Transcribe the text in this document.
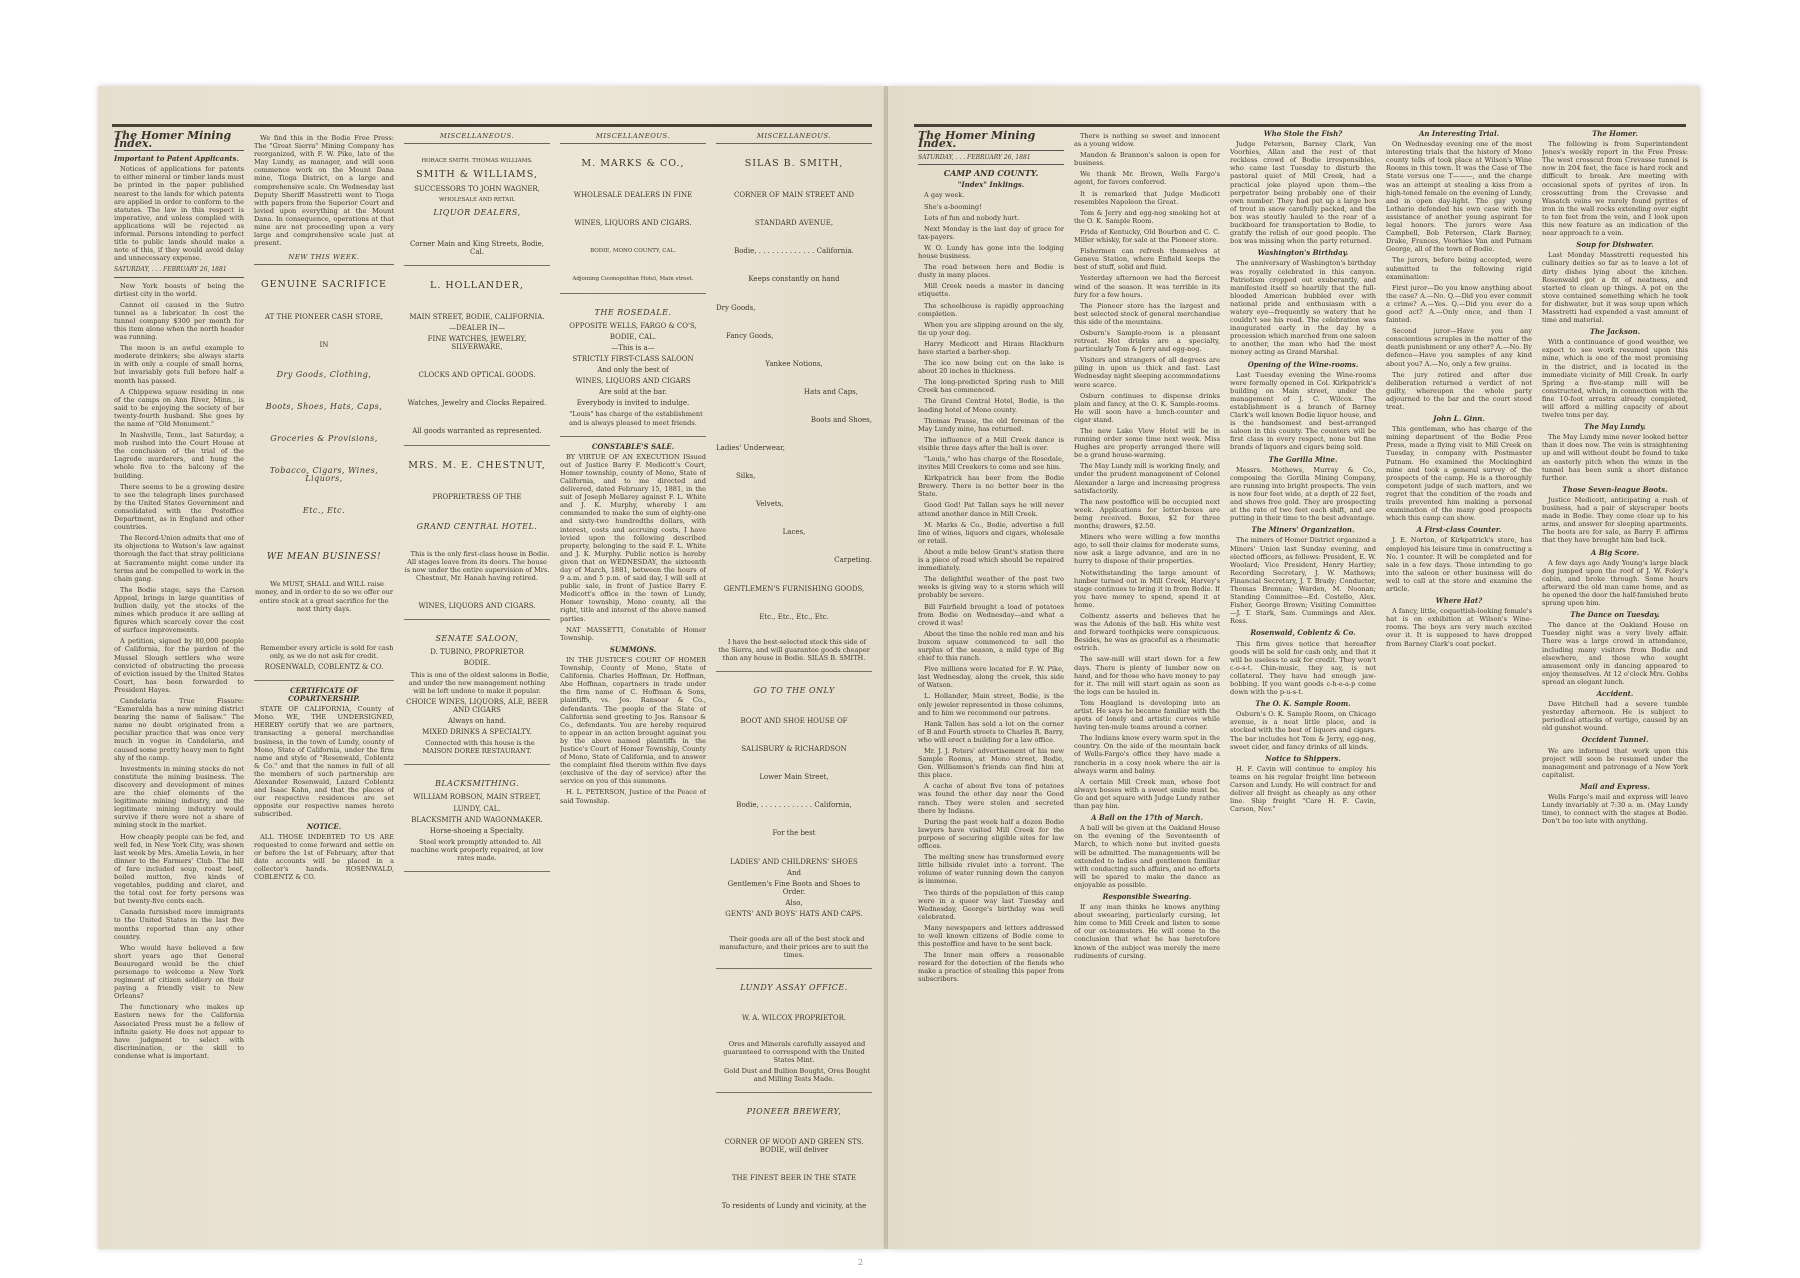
The Homer Mining Index.
Important to Patent Applicants.

Notices of applications for patents to either mineral or timber lands must be printed in the paper published nearest to the lands for which patents are applied in order to conform to the statutes. The law in this respect is imperative, and unless complied with applications will be rejected as informal. Persons intending to perfect title to public lands should make a note of this, if they would avoid delay and unnecessary expense.

SATURDAY, . . . FEBRUARY 26, 1881

New York boasts of being the dirtiest city in the world.

Cannot oil caused in the Sutro tunnel as a lubricator. In cost the tunnel company $300 per month for this item alone when the north header was running.

The moon is an awful example to moderate drinkers; she always starts in with only a couple of small horns, but invariably gets full before half a month has passed.

A Chippewa squaw residing in one of the camps on Ann River, Minn., is said to be enjoying the society of her twenty-fourth husband. She goes by the name of "Old Monument."

In Nashville, Tenn., last Saturday, a mob rushed into the Court House at the conclusion of the trial of the Lagrode murderers, and hung the whole five to the balcony of the building.

There seems to be a growing desire to see the telegraph lines purchased by the United States Government and consolidated with the Postoffice Department, as in England and other countries.

The Record-Union admits that one of its objections to Watson's law against thorough the fact that stray politicians at Sacramento might come under its terms and be compelled to work in the chain gang.

The Bodie stage, says the Carson Appeal, brings in large quantities of bullion daily, yet the stocks of the mines which produce it are selling at figures which scarcely cover the cost of surface improvements.

A petition, signed by 80,000 people of California, for the pardon of the Mussel Slough settlers who were convicted of obstructing the process of eviction issued by the United States Court, has been forwarded to President Hayes.

Candelaria True Fissure: "Esmeralda has a new mining district bearing the name of Salisaw." The name no doubt originated from a peculiar practice that was once very much in vogue in Candelaria, and caused some pretty heavy men to fight shy of the camp.

Investments in mining stocks do not constitute the mining business. The discovery and development of mines are the chief elements of the legitimate mining industry, and the legitimate mining industry would survive if there were not a share of mining stock in the market.

How cheaply people can be fed, and well fed, in New York City, was shown last week by Mrs. Amelia Lewis, in her dinner to the Farmers' Club. The bill of fare included soup, roast beef, boiled mutton, five kinds of vegetables, pudding and claret, and the total cost for forty persons was but twenty-five cents each.

Canada furnished more immigrants to the United States in the last five months reported than any other country.

Who would have believed a few short years ago that General Beauregard would be the chief personage to welcome a New York regiment of citizen soldiery on their paying a friendly visit to New Orleans?

The functionary who makes up Eastern news for the California Associated Press must be a fellow of infinite gaiety. He does not appear to have judgment to select with discrimination, or the skill to condense what is important.

We find this in the Bodie Free Press: The "Great Sierra" Mining Company has reorganized, with F. W. Pike, late of the May Lundy, as manager, and will soon commence work on the Mount Dana mine, Tioga District, on a large and comprehensive scale. On Wednesday last Deputy Sheriff Masstretti went to Tioga with papers from the Superior Court and levied upon everything at the Mount Dana. In consequence, operations at that mine are not proceeding upon a very large and comprehensive scale just at present.

NEW THIS WEEK.
GENUINE SACRIFICE
AT THE PIONEER CASH STORE,
IN
Dry Goods, Clothing,
Boots, Shoes, Hats, Caps,
Groceries & Provisions,
Tobacco, Cigars, Wines, Liquors,
Etc., Etc.
WE MEAN BUSINESS!

We MUST, SHALL and WILL raise money, and in order to do so we offer our entire stock at a great sacrifice for the next thirty days.

Remember every article is sold for cash only, as we do not ask for credit.

ROSENWALD, COBLENTZ & CO.
CERTIFICATE OF COPARTNERSHIP.

STATE OF CALIFORNIA, County of Mono. WE, THE UNDERSIGNED, HEREBY certify that we are partners, transacting a general merchandise business, in the town of Lundy, county of Mono, State of California, under the firm name and style of "Rosenwald, Coblentz & Co." and that the names in full of all the members of such partnership are Alexander Rosenwald, Lazard Coblentz and Isaac Kahn, and that the places of our respective residences are set opposite our respective names hereto subscribed.

NOTICE.

ALL THOSE INDEBTED TO US ARE requested to come forward and settle on or before the 1st of February, after that date accounts will be placed in a collector's hands. ROSENWALD, COBLENTZ & CO.

MISCELLANEOUS.
HORACE SMITH. THOMAS WILLIAMS.
SMITH & WILLIAMS,
SUCCESSORS TO JOHN WAGNER,
WHOLESALE AND RETAIL
LIQUOR DEALERS,
Corner Main and King Streets, Bodie, Cal.
L. HOLLANDER,
MAIN STREET, BODIE, CALIFORNIA.
—DEALER IN—
FINE WATCHES, JEWELRY, SILVERWARE,
CLOCKS AND OPTICAL GOODS.
Watches, Jewelry and Clocks Repaired.
All goods warranted as represented.
MRS. M. E. CHESTNUT,
PROPRIETRESS OF THE
GRAND CENTRAL HOTEL.

This is the only first-class house in Bodie. All stages leave from its doors. The house is now under the entire supervision of Mrs. Chestnut, Mr. Hanah having retired.

WINES, LIQUORS AND CIGARS.
SENATE SALOON,
D. TUBINO, PROPRIETOR
BODIE.

This is one of the oldest saloons in Bodie, and under the new management nothing will be left undone to make it popular.

CHOICE WINES, LIQUORS, ALE, BEER AND CIGARS
Always on hand.
MIXED DRINKS A SPECIALTY.

Connected with this house is the MAISON DOREE RESTAURANT.

BLACKSMITHING.
WILLIAM ROBSON, MAIN STREET,
LUNDY, CAL.
BLACKSMITH AND WAGONMAKER.
Horse-shoeing a Specialty.

Steel work promptly attended to. All machine work properly repaired, at low rates made.

MISCELLANEOUS.
M. MARKS & CO.,
WHOLESALE DEALERS IN FINE
WINES, LIQUORS AND CIGARS.
BODIE, MONO COUNTY, CAL.
Adjoining Cosmopolitan Hotel, Main street.
THE ROSEDALE.
OPPOSITE WELLS, FARGO & CO'S,
BODIE, CAL.
—This is a—
STRICTLY FIRST-CLASS SALOON
And only the best of
WINES, LIQUORS AND CIGARS
Are sold at the bar.
Everybody is invited to indulge.

"Louis" has charge of the establishment and is always pleased to meet friends.

CONSTABLE'S SALE.

BY VIRTUE OF AN EXECUTION ISsued out of Justice Barry F. Medicott's Court, Homer township, county of Mono, State of California, and to me directed and delivered, dated February 15, 1881, in the suit of Joseph Mellarey against F. L. White and J. K. Murphy, whereby I am commanded to make the sum of eighty-one and sixty-two hundredths dollars, with interest, costs and accruing costs, I have levied upon the following described property, belonging to the said F. L. White and J. K. Murphy. Public notice is hereby given that on WEDNESDAY, the sixteenth day of March, 1881, between the hours of 9 a.m. and 5 p.m. of said day, I will sell at public sale, in front of Justice Barry F. Medicott's office in the town of Lundy, Homer township, Mono county, all the right, title and interest of the above named parties.

NAT MASSETTI, Constable of Homer Township.

SUMMONS.

IN THE JUSTICE'S COURT OF HOMER Township, County of Mono, State of California. Charles Hoffman, Dr. Hoffman, Abe Hoffman, copartners in trade under the firm name of C. Hoffman & Sons, plaintiffs, vs. Jos. Ransoar & Co., defendants. The people of the State of California send greeting to Jos. Ransoar & Co., defendants. You are hereby required to appear in an action brought against you by the above named plaintiffs in the Justice's Court of Homer Township, County of Mono, State of California, and to answer the complaint filed therein within five days (exclusive of the day of service) after the service on you of this summons.

H. L. PETERSON, Justice of the Peace of said Township.

MISCELLANEOUS.
SILAS B. SMITH,
CORNER OF MAIN STREET AND
STANDARD AVENUE,
Bodie, . . . . . . . . . . . . . California.
Keeps constantly on hand
Dry Goods,
Fancy Goods,
Yankee Notions,
Hats and Caps,
Boots and Shoes,
Ladies' Underwear,
Silks,
Velvets,
Laces,
Carpeting.
GENTLEMEN'S FURNISHING GOODS,
Etc., Etc., Etc., Etc.

I have the best-selected stock this side of the Sierra, and will guarantee goods cheaper than any house in Bodie. SILAS B. SMITH.

GO TO THE ONLY
BOOT AND SHOE HOUSE OF
SALISBURY & RICHARDSON
Lower Main Street,
Bodie, . . . . . . . . . . . . California,
For the best
LADIES' AND CHILDRENS' SHOES
And
Gentlemen's Fine Boots and Shoes to Order.
Also,
GENTS' AND BOYS' HATS AND CAPS.

Their goods are all of the best stock and manufacture, and their prices are to suit the times.

LUNDY ASSAY OFFICE.
W. A. WILCOX PROPRIETOR.

Ores and Minerals carefully assayed and guaranteed to correspond with the United States Mint.

Gold Dust and Bullion Bought, Ores Bought and Milling Tests Made.

PIONEER BREWERY,
CORNER OF WOOD AND GREEN STS. BODIE, will deliver
THE FINEST BEER IN THE STATE
To residents of Lundy and vicinity, at the

The Homer Mining Index.
SATURDAY, . . . FEBRUARY 26, 1881
CAMP AND COUNTY.
"Index" Inklings.

A gay week.

She's a-booming!

Lots of fun and nobody hurt.

Next Monday is the last day of grace for tax-payers.

W. O. Lundy has gone into the lodging house business.

The road between here and Bodie is dusty in many places.

Mill Creek needs a master in dancing etiquette.

The schoolhouse is rapidly approaching completion.

When you are slipping around on the sly, tie up your dog.

Harry Medicott and Hiram Blackburn have started a barber-shop.

The ice now being cut on the lake is about 20 inches in thickness.

The long-predicted Spring rush to Mill Creek has commenced.

The Grand Central Hotel, Bodie, is the leading hotel of Mono county.

Thomas Prasse, the old foreman of the May Lundy mine, has returned.

The influence of a Mill Creek dance is visible three days after the ball is over.

"Louis," who has charge of the Rosedale, invites Mill Creekers to come and see him.

Kirkpatrick has beer from the Bodie Brewery. There is no better beer in the State.

Good God! Pat Tallan says he will never attend another dance in Mill Creek.

M. Marks & Co., Bodie, advertise a full line of wines, liquors and cigars, wholesale or retail.

About a mile below Grant's station there is a piece of road which should be repaired immediately.

The delightful weather of the past two weeks is giving way to a storm which will probably be severe.

Bill Fairfield brought a load of potatoes from Bodie on Wednesday—and what a crowd it was!

About the time the noble red man and his buxom squaw commenced to sell the surplus of the season, a mild type of Big chief to this ranch.

Five millions were located for F. W. Pike, last Wednesday, along the creek, this side of Watson.

L. Hollander, Main street, Bodie, is the only jeweler represented in these columns, and to him we recommend our patrons.

Hank Tallen has sold a lot on the corner of B and Fourth streets to Charles R. Barry, who will erect a building for a law office.

Mr. J. J. Peters' advertisement of his new Sample Rooms, at Mono street, Bodie, Gen. Williamson's friends can find him at this place.

A cache of about five tons of potatoes was found the other day near the Good ranch. They were stolen and secreted there by Indians.

During the past week half a dozen Bodie lawyers have visited Mill Creek for the purpose of securing eligible sites for law offices.

The melting snow has transformed every little hillside rivulet into a torrent. The volume of water running down the canyon is immense.

Two thirds of the population of this camp were in a queer way last Tuesday and Wednesday, George's birthday was well celebrated.

Many newspapers and letters addressed to well known citizens of Bodie come to this postoffice and have to be sent back.

The Inner man offers a reasonable reward for the detection of the fiends who make a practice of stealing this paper from subscribers.

There is nothing so sweet and innocent as a young widow.

Mandon & Brannon's saloon is open for business.

We thank Mr. Brown, Wells Fargo's agent, for favors conferred.

It is remarked that Judge Medicott resembles Napoleon the Great.

Tom & Jerry and egg-nog smoking hot at the O. K. Sample Room.

Frida of Kentucky, Old Bourbon and C. C. Miller whisky, for sale at the Pioneer store.

Fishermen can refresh themselves at Geneva Station, where Enfield keeps the best of stuff, solid and fluid.

Yesterday afternoon we had the fiercest wind of the season. It was terrible in its fury for a few hours.

The Pioneer store has the largest and best selected stock of general merchandise this side of the mountains.

Osburn's Sample-room is a pleasant retreat. Hot drinks are a specialty, particularly Tom & Jerry and egg-nog.

Visitors and strangers of all degrees are piling in upon us thick and fast. Last Wednesday night sleeping accommodations were scarce.

Osburn continues to dispense drinks plain and fancy, at the O. K. Sample-rooms. He will soon have a lunch-counter and cigar stand.

The new Lake View Hotel will be in running order some time next week. Miss Hughes are properly arranged there will be a grand house-warming.

The May Lundy mill is working finely, and under the prudent management of Colonel Alexander a large and increasing progress satisfactorily.

The new postoffice will be occupied next week. Applications for letter-boxes are being received. Boxes, $2 for three months; drawers, $2.50.

Miners who were willing a few months ago, to sell their claims for moderate sums, now ask a large advance, and are in no hurry to dispose of their properties.

Notwithstanding the large amount of lumber turned out in Mill Creek, Harvey's stage continues to bring it in from Bodie. If you have money to spend, spend it at home.

Colbentz asserts and believes that he was the Adonis of the ball. His white vest and forward toothpicks were conspicuous. Besides, he was as graceful as a rheumatic ostrich.

The saw-mill will start down for a few days. There is plenty of lumber now on hand, and for those who have money to pay for it. The mill will start again as soon as the logs can be hauled in.

Tom Hoagland is developing into an artist. He says he became familiar with the spots of lonely and artistic curves while having ten-mule teams around a corner.

The Indians know every warm spot in the country. On the side of the mountain back of Wells-Fargo's office they have made a rancheria in a cosy nook where the air is always warm and balmy.

A certain Mill Creek man, whose foot always bosses with a sweet smile must be. Go and get square with Judge Lundy rather than pay him.

A Ball on the 17th of March.

A ball will be given at the Oakland House on the evening of the Seventeenth of March, to which none but invited guests will be admitted. The managements will be extended to ladies and gentlemen familiar with conducting such affairs, and no efforts will be spared to make the dance as enjoyable as possible.

Responsible Swearing.

If any man thinks he knows anything about swearing, particularly cursing, let him come to Mill Creek and listen to some of our ox-teamsters. He will come to the conclusion that what he has heretofore known of the subject was merely the mere rudiments of cursing.

Who Stole the Fish?

Judge Peterson, Barney Clark, Van Voorhies, Allan and the rest of that reckless crowd of Bodie irresponsibles, who came last Tuesday to disturb the pastoral quiet of Mill Creek, had a practical joke played upon them—the perpetrator being probably one of their own number. They had put up a large box of trout in snow carefully packed, and the box was stoutly hauled to the rear of a buckboard for transportation to Bodie, to gratify the relish of our good people. The box was missing when the party returned.

Washington's Birthday.

The anniversary of Washington's birthday was royally celebrated in this canyon. Patriotism cropped out exuberantly, and manifested itself so heartily that the full-blooded American bubbled over with national pride and enthusiasm with a watery eye—frequently so watery that he couldn't see his road. The celebration was inaugurated early in the day by a procession which marched from one saloon to another, the man who had the most money acting as Grand Marshal.

Opening of the Wine-rooms.

Last Tuesday evening the Wine-rooms were formally opened in Col. Kirkpatrick's building on Main street, under the management of J. C. Wilcox. The establishment is a branch of Barney Clark's well known Bodie liquor house, and is the handsomest and best-arranged saloon in this county. The counters will be first class in every respect, none but fine brands of liquors and cigars being sold.

The Gorilla Mine.

Messrs. Mothews, Murray & Co., composing the Gorilla Mining Company, are running into bright prospects. The vein is now four feet wide, at a depth of 22 feet, and shows free gold. They are prospecting at the rate of two feet each shift, and are putting in their time to the best advantage.

The Miners' Organization.

The miners of Homer District organized a Miners' Union last Sunday evening, and elected officers, as follows: President, E. W. Woolard; Vice President, Henry Hartley; Recording Secretary, J. W. Mathews; Financial Secretary, J. T. Brady; Conductor, Thomas Brennan; Warden, M. Noonan; Standing Committee—Ed. Costello, Alex. Fisher, George Brown; Visiting Committee—J. T. Stark, Sam. Cummings and Alex. Ross.

Rosenwald, Coblentz & Co.

This firm gives notice that hereafter goods will be sold for cash only, and that it will be useless to ask for credit. They won't c-o-s-t. Chin-music, they say, is not collateral. They have had enough jaw-bobbing. If you want goods c-h-e-a-p come down with the p-u-s-t.

The O. K. Sample Room.

Osburn's O. K. Sample Room, on Chicago avenue, is a neat little place, and is stocked with the best of liquors and cigars. The bar includes hot Tom & Jerry, egg-nog, sweet cider, and fancy drinks of all kinds.

Notice to Shippers.

H. F. Cavin will continue to employ his teams on his regular freight line between Carson and Lundy. He will contract for and deliver all freight as cheaply as any other line. Ship freight "Care H. F. Cavin, Carson, Nev."

An Interesting Trial.

On Wednesday evening one of the most interesting trials that the history of Mono county tells of took place at Wilson's Wine Rooms in this town. It was the Case of The State versus one T———, and the charge was an attempt at stealing a kiss from a high-toned female on the evening of Lundy, and in open day-light. The gay young Lothario defended his own case with the assistance of another young aspirant for legal honors. The jurors were Asa Campbell, Bob Peterson, Clark Barney, Drake, Frances, Voorhies Van and Putnam George, all of the town of Bodie.

The jurors, before being accepted, were submitted to the following rigid examination:

First juror—Do you know anything about the case? A.—No. Q.—Did you ever commit a crime? A.—Yes. Q.—Did you ever do a good act? A.—Only once, and then I fainted.

Second juror—Have you any conscientious scruples in the matter of the death punishment or any other? A.—No. By defence—Have you samples of any kind about you? A.—No, only a few grains.

The jury retired and after due deliberation returned a verdict of not guilty, whereupon the whole party adjourned to the bar and the court stood treat.

John L. Ginn.

This gentleman, who has charge of the mining department of the Bodie Free Press, made a flying visit to Mill Creek on Tuesday, in company with Postmaster Putnam. He examined the Mockingbird mine and took a general survey of the prospects of the camp. He is a thoroughly competent judge of such matters, and we regret that the condition of the roads and trails prevented him making a personal examination of the many good prospects which this camp can show.

A First-class Counter.

J. E. Norton, of Kirkpatrick's store, has employed his leisure time in constructing a No. 1 counter. It will be completed and for sale in a few days. Those intending to go into the saloon or other business will do well to call at the store and examine the article.

Where Hat?

A fancy, little, coquettish-looking female's hat is on exhibition at Wilson's Wine-rooms. The boys are very much excited over it. It is supposed to have dropped from Barney Clark's coat pocket.

The Homer.

The following is from Superintendent Jones's weekly report in the Free Press: The west crosscut from Crevasse tunnel is now in 204 feet, the face is hard rock and difficult to break. Are meeting with occasional spots of pyrites of iron. In crosscutting from the Crevasse and Wasatch veins we rarely found pyrites of iron in the wall rocks extending over eight to ten feet from the vein, and I look upon this new feature as an indication of the near approach to a vein.

Soup for Dishwater.

Last Monday Masstretti requested his culinary deities so far as to leave a lot of dirty dishes lying about the kitchen. Rosenwald got a fit of neatness, and started to clean up things. A pot on the stove contained something which he took for dishwater, but it was soup upon which Masstretti had expended a vast amount of time and material.

The Jackson.

With a continuance of good weather, we expect to see work resumed upon this mine, which is one of the most promising in the district, and is located in the immediate vicinity of Mill Creek. In early Spring a five-stamp mill will be constructed, which, in connection with the fine 10-foot arrastra already completed, will afford a milling capacity of about twelve tons per day.

The May Lundy.

The May Lundy mine never looked better than it does now. The vein is straightening up and will without doubt be found to take an easterly pitch when the winze in the tunnel has been sunk a short distance further.

Those Seven-league Boots.

Justice Medicott, anticipating a rush of business, had a pair of skyscraper boots made in Bodie. They come clear up to his arms, and answer for sleeping apartments. The boots are for sale, as Barry F. affirms that they have brought him bad luck.

A Big Score.

A few days ago Andy Young's large black dog jumped upon the roof of J. W. Foley's cabin, and broke through. Some hours afterward the old man came home, and as he opened the door the half-famished brute sprang upon him.

The Dance on Tuesday.

The dance at the Oakland House on Tuesday night was a very lively affair. There was a large crowd in attendance, including many visitors from Bodie and elsewhere, and those who sought amusement only in dancing appeared to enjoy themselves. At 12 o'clock Mrs. Gobbs spread an elegant lunch.

Accident.

Dave Hitchell had a severe tumble yesterday afternoon. He is subject to periodical attacks of vertigo, caused by an old gunshot wound.

Occident Tunnel.

We are informed that work upon this project will soon be resumed under the management and patronage of a New York capitalist.

Mail and Express.

Wells Fargo's mail and express will leave Lundy invariably at 7:30 a. m. (May Lundy time), to connect with the stages at Bodie. Don't be too late with anything.

2
